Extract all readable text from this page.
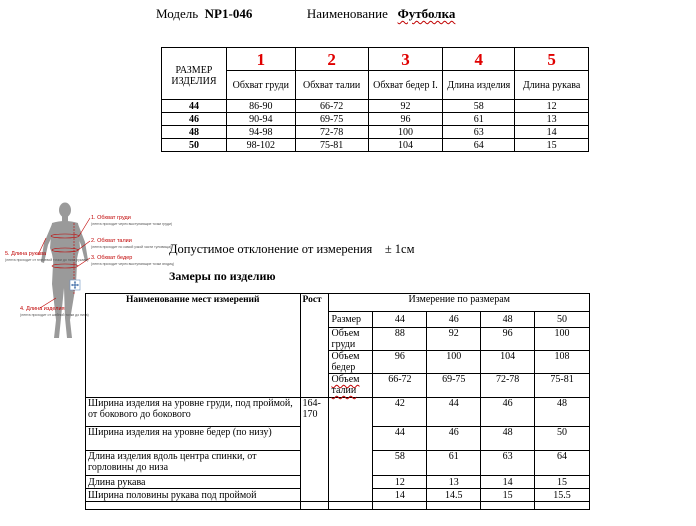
Модель NP1-046	Наименование Футболка
РАЗМЕР ИЗДЕЛИЯ	1	2	3	4	5
	Обхват груди	Обхват талии	Обхват бедер I.	Длина изделия	Длина рукава
44	86-90	66-72	92	58	12
46	90-94	69-75	96	61	13
48	94-98	72-78	100	63	14
50	98-102	75-81	104	64	15
1. Обхват груди
(лента проходит через выступающие точки груди)
2. Обхват талии
(лента проходит по самой узкой части туловища)
3. Обхват бедер
(лента проходит через выступающие точки ягодиц)
4. Длина изделия
(лента проходит от шейной точки до низа)
5. Длина рукава
(лента проходит от плечевой точки до низа рукава)
Допустимое отклонение от измерения ± 1см
Замеры по изделию
Наименование мест измерений	Рост	Измерение по размерам				
		Размер	44	46	48	50
		Объем груди	88	92	96	100
		Объем бедер	96	100	104	108
		Объем талии	66-72	69-75	72-78	75-81
Ширина изделия на уровне груди, под проймой, от бокового до бокового	164-170		42	44	46	48
Ширина изделия на уровне бедер (по низу)			44	46	48	50
Длина изделия вдоль центра спинки, от горловины до низа			58	61	63	64
Длина рукава			12	13	14	15
Ширина половины рукава под проймой			14	14.5	15	15.5
